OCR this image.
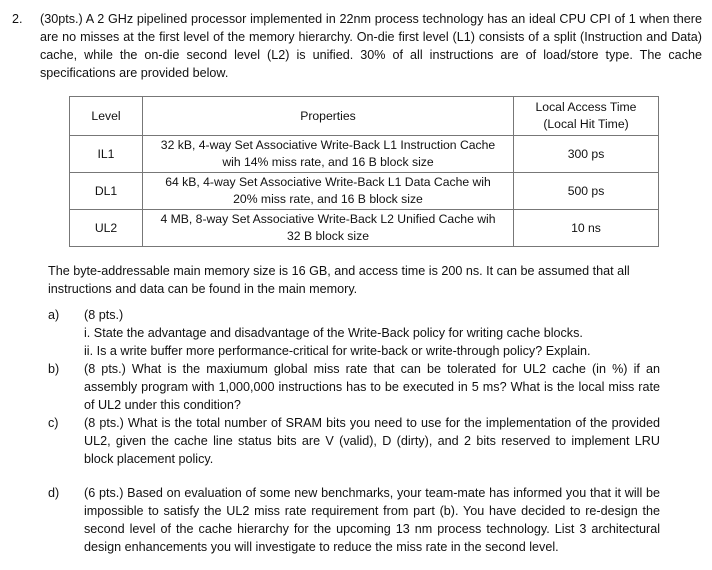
2. (30pts.) A 2 GHz pipelined processor implemented in 22nm process technology has an ideal CPU CPI of 1 when there are no misses at the first level of the memory hierarchy. On-die first level (L1) consists of a split (Instruction and Data) cache, while the on-die second level (L2) is unified. 30% of all instructions are of load/store type. The cache specifications are provided below.
Level	Properties	Local Access Time
(Local Hit Time)

IL1	32 kB, 4-way Set Associative Write-Back L1 Instruction Cache
wih 14% miss rate, and 16 B block size	300 ps
DL1	64 kB, 4-way Set Associative Write-Back L1 Data Cache wih
20% miss rate, and 16 B block size	500 ps
UL2	4 MB, 8-way Set Associative Write-Back L2 Unified Cache wih
32 B block size	10 ns
The byte-addressable main memory size is 16 GB, and access time is 200 ns. It can be assumed that all instructions and data can be found in the main memory.
a)	(8 pts.)
i. State the advantage and disadvantage of the Write-Back policy for writing cache blocks.
ii. Is a write buffer more performance-critical for write-back or write-through policy? Explain.
b)	(8 pts.) What is the maxiumum global miss rate that can be tolerated for UL2 cache (in %) if an assembly program with 1,000,000 instructions has to be executed in 5 ms? What is the local miss rate of UL2 under this condition?
c)	(8 pts.) What is the total number of SRAM bits you need to use for the implementation of the provided UL2, given the cache line status bits are V (valid), D (dirty), and 2 bits reserved to implement LRU block placement policy.
d)	(6 pts.) Based on evaluation of some new benchmarks, your team-mate has informed you that it will be impossible to satisfy the UL2 miss rate requirement from part (b). You have decided to re-design the second level of the cache hierarchy for the upcoming 13 nm process technology. List 3 architectural design enhancements you will investigate to reduce the miss rate in the second level.
